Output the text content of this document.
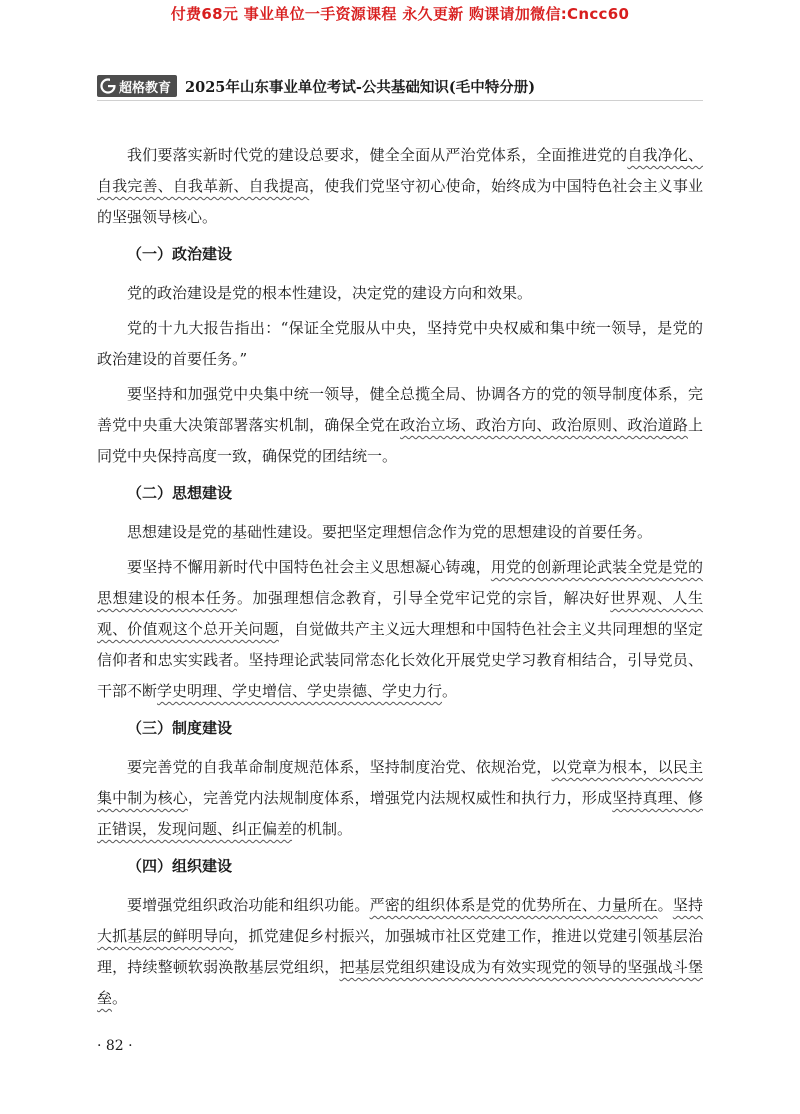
付费68元 事业单位一手资源课程 永久更新 购课请加微信:Cncc60
超格教育 2025年山东事业单位考试-公共基础知识(毛中特分册)

我们要落实新时代党的建设总要求，健全全面从严治党体系，全面推进党的自我净化、自我完善、自我革新、自我提高，使我们党坚守初心使命，始终成为中国特色社会主义事业的坚强领导核心。

（一）政治建设

党的政治建设是党的根本性建设，决定党的建设方向和效果。

党的十九大报告指出：“保证全党服从中央，坚持党中央权威和集中统一领导，是党的政治建设的首要任务。”

要坚持和加强党中央集中统一领导，健全总揽全局、协调各方的党的领导制度体系，完善党中央重大决策部署落实机制，确保全党在政治立场、政治方向、政治原则、政治道路上同党中央保持高度一致，确保党的团结统一。

（二）思想建设

思想建设是党的基础性建设。要把坚定理想信念作为党的思想建设的首要任务。

要坚持不懈用新时代中国特色社会主义思想凝心铸魂，用党的创新理论武装全党是党的思想建设的根本任务。加强理想信念教育，引导全党牢记党的宗旨，解决好世界观、人生观、价值观这个总开关问题，自觉做共产主义远大理想和中国特色社会主义共同理想的坚定信仰者和忠实实践者。坚持理论武装同常态化长效化开展党史学习教育相结合，引导党员、干部不断学史明理、学史增信、学史崇德、学史力行。

（三）制度建设

要完善党的自我革命制度规范体系，坚持制度治党、依规治党，以党章为根本，以民主集中制为核心，完善党内法规制度体系，增强党内法规权威性和执行力，形成坚持真理、修正错误，发现问题、纠正偏差的机制。

（四）组织建设

要增强党组织政治功能和组织功能。严密的组织体系是党的优势所在、力量所在。坚持大抓基层的鲜明导向，抓党建促乡村振兴，加强城市社区党建工作，推进以党建引领基层治理，持续整顿软弱涣散基层党组织，把基层党组织建设成为有效实现党的领导的坚强战斗堡垒。

· 82 ·
